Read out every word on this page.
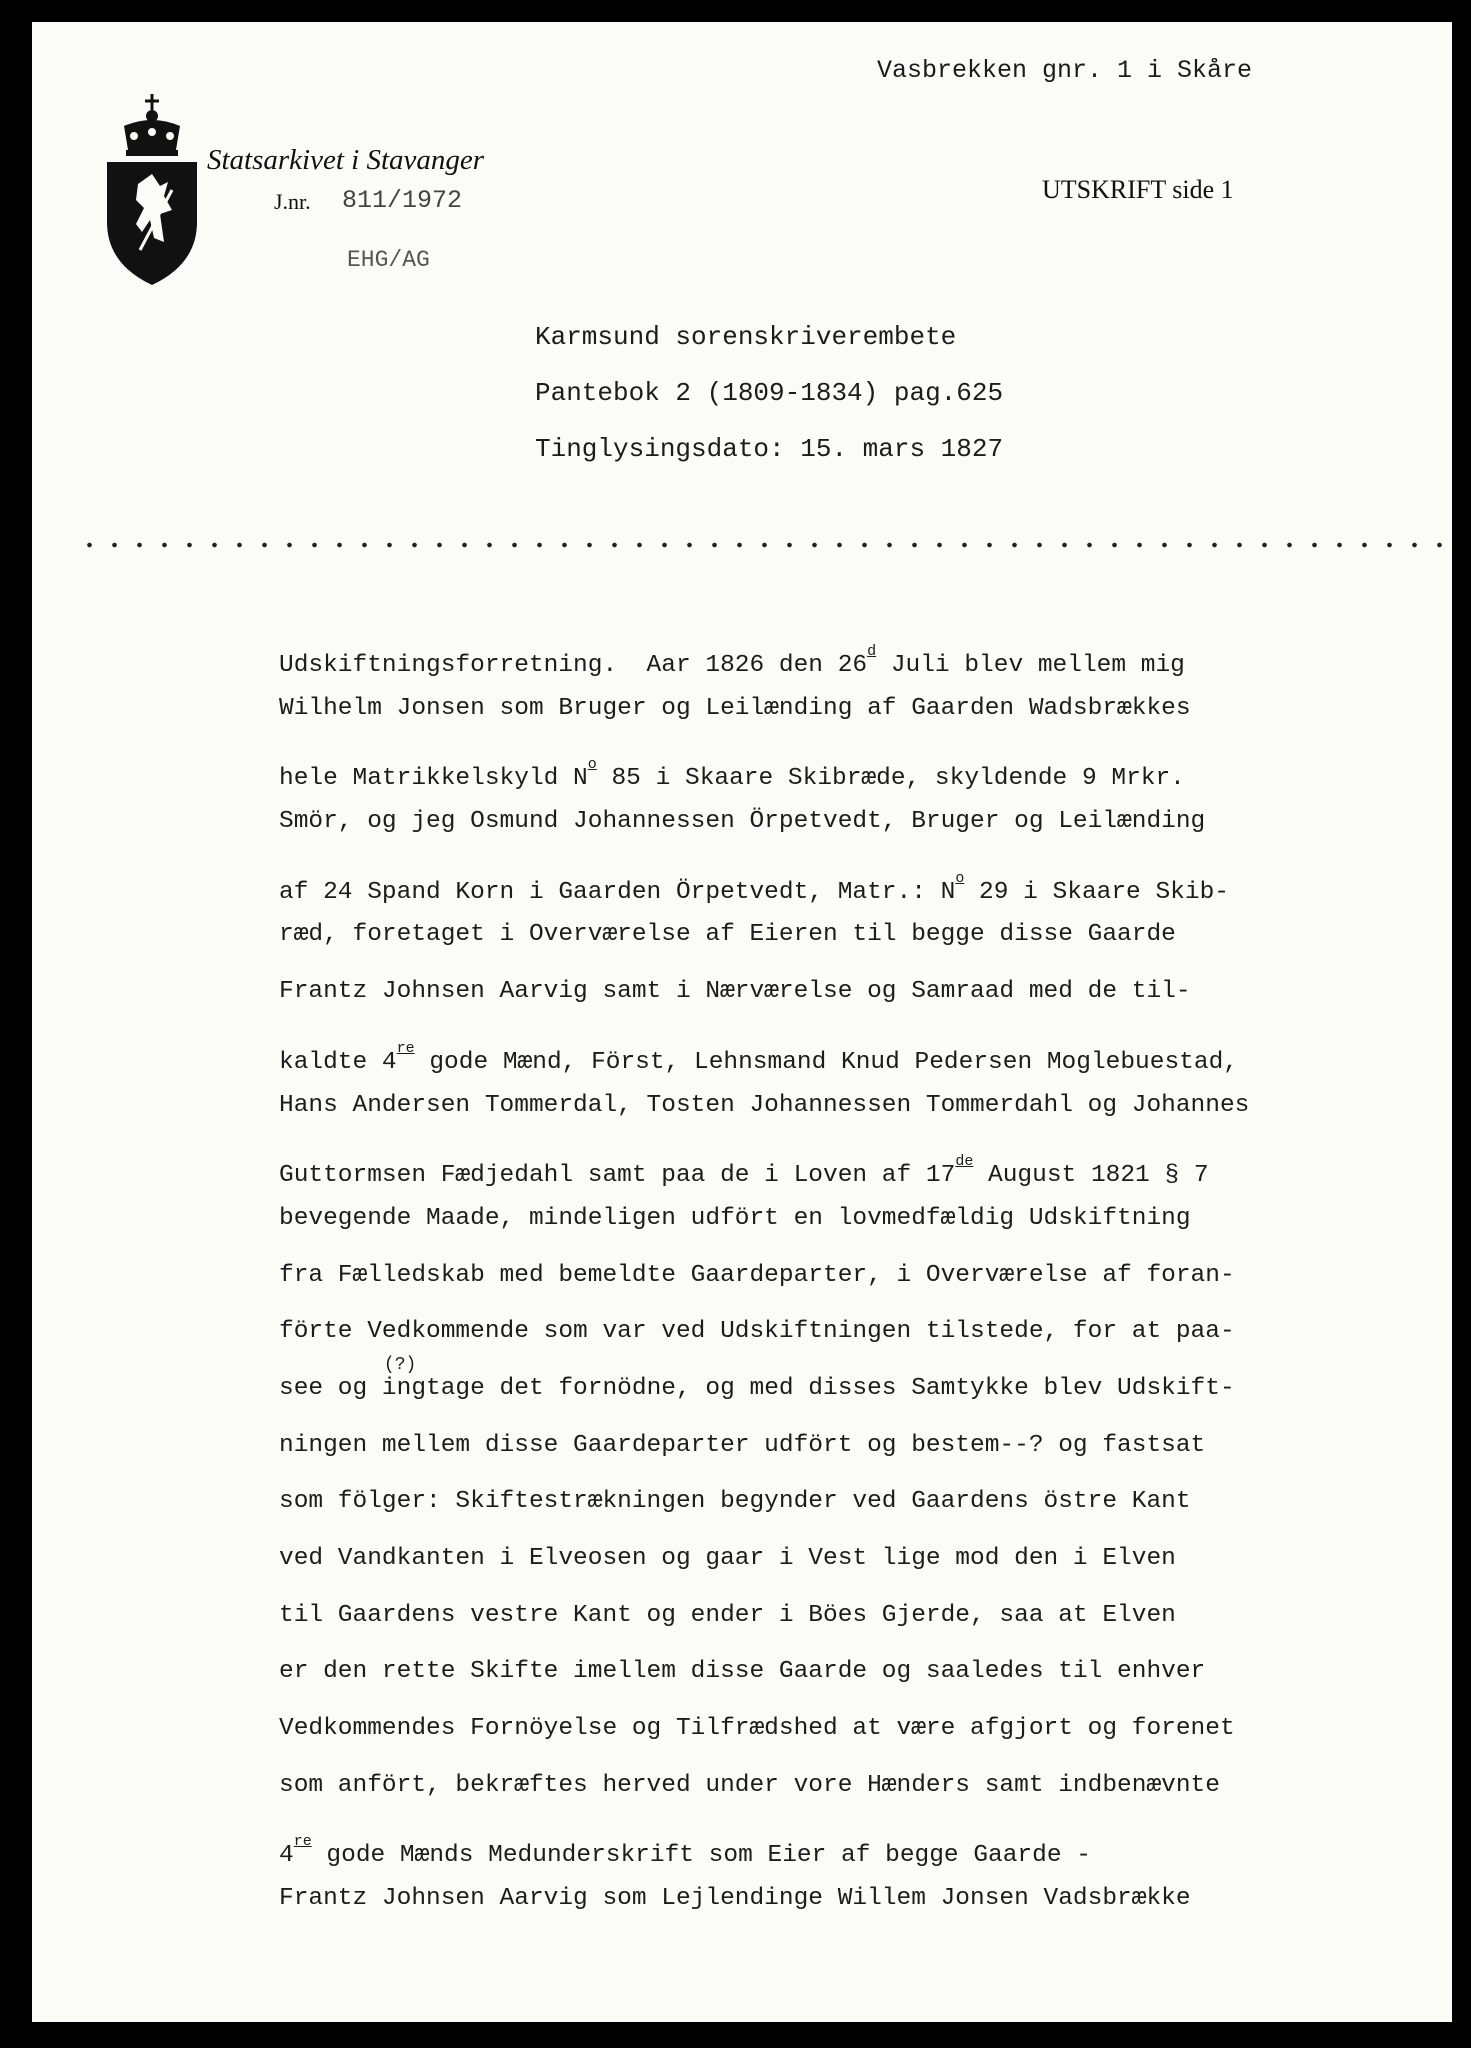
Vasbrekken gnr. 1 i Skåre
Statsarkivet i Stavanger
J.nr. 811/1972	UTSKRIFT side 1
EHG/AG
Karmsund sorenskriverembete
Pantebok 2 (1809-1834) pag.625
Tinglysingsdato: 15. mars 1827
Udskiftningsforretning.  Aar 1826 den 26$^d$ Juli blev mellem mig
Wilhelm Jonsen som Bruger og Leilænding af Gaarden Wadsbrækkes
hele Matrikkelskyld $N^o$ 85 i Skaare Skibræde, skyldende 9 Mrkr.
Smör, og jeg Osmund Johannessen Örpetvedt, Bruger og Leilænding
af 24 Spand Korn i Gaarden Örpetvedt, Matr.: $N^o$ 29 i Skaare Skib-
ræd, foretaget i Overværelse af Eieren til begge disse Gaarde
Frantz Johnsen Aarvig samt i Nærværelse og Samraad med de til-
kaldte 4re gode Mænd, Först, Lehnsmand Knud Pedersen Moglebuestad,
Hans Andersen Tommerdal, Tosten Johannessen Tommerdahl og Johannes
Guttormsen Fædjedahl samt paa de i Loven af 17de August 1821 § 7
bevegende Maade, mindeligen udfört en lovmedfældig Udskiftning
fra Fælledskab med bemeldte Gaardeparter, i Overværelse af foran-
förte Vedkommende som var ved Udskiftningen tilstede, for at paa-
see og
(?)
ingtage det fornödne, og med disses Samtykke blev Udskift-
ningen mellem disse Gaardeparter udfört og bestem--? og fastsat
som fölger: Skiftestrækningen begynder ved Gaardens östre Kant
ved Vandkanten i Elveosen og gaar i Vest lige mod den i Elven
til Gaardens vestre Kant og ender i Böes Gjerde, saa at Elven
er den rette Skifte imellem disse Gaarde og saaledes til enhver
Vedkommendes Fornöyelse og Tilfrædshed at være afgjort og forenet
som anfört, bekræftes herved under vore Hænders samt indbenævnte
4re gode Mænds Medunderskrift som Eier af begge Gaarde -
Frantz Johnsen Aarvig som Lejlendinge Willem Jonsen Vadsbrække
